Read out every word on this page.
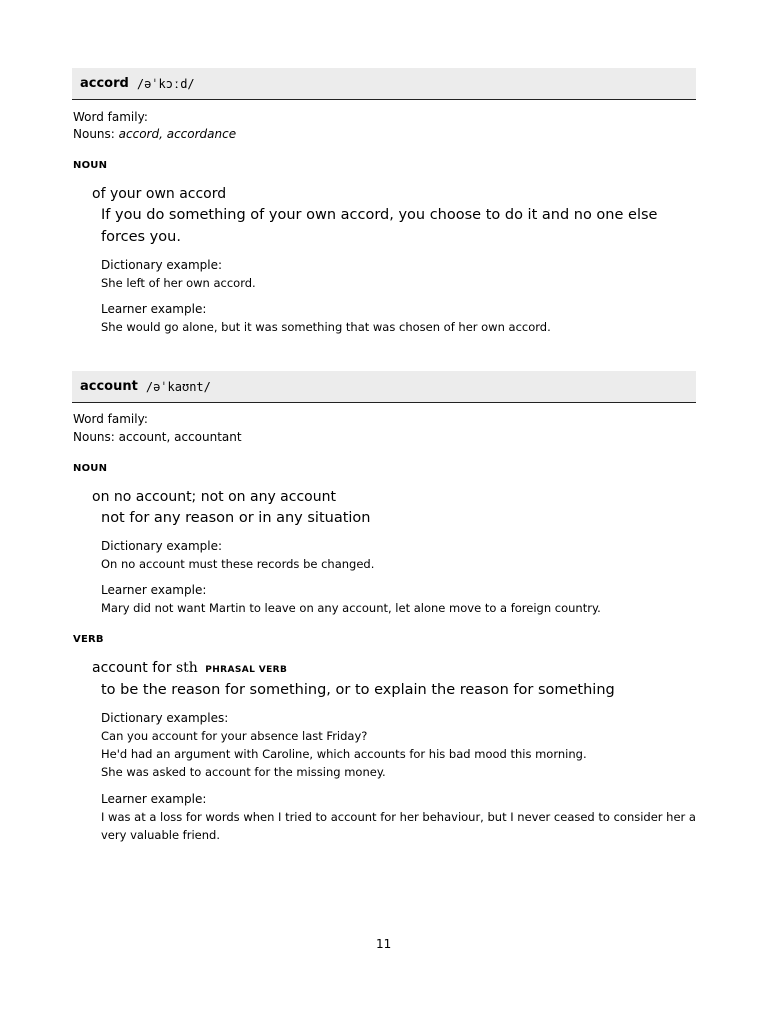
accord /əˈkɔːd/
Word family:
Nouns: accord, accordance
NOUN
of your own accord
If you do something of your own accord, you choose to do it and no one else forces you.
Dictionary example:
She left of her own accord.
Learner example:
She would go alone, but it was something that was chosen of her own accord.
account /əˈkaʊnt/
Word family:
Nouns: account, accountant
NOUN
on no account; not on any account
not for any reason or in any situation
Dictionary example:
On no account must these records be changed.
Learner example:
Mary did not want Martin to leave on any account, let alone move to a foreign country.
VERB
account for sth PHRASAL VERB
to be the reason for something, or to explain the reason for something
Dictionary examples:
Can you account for your absence last Friday?
He'd had an argument with Caroline, which accounts for his bad mood this morning.
She was asked to account for the missing money.
Learner example:
I was at a loss for words when I tried to account for her behaviour, but I never ceased to consider her a very valuable friend.
11
